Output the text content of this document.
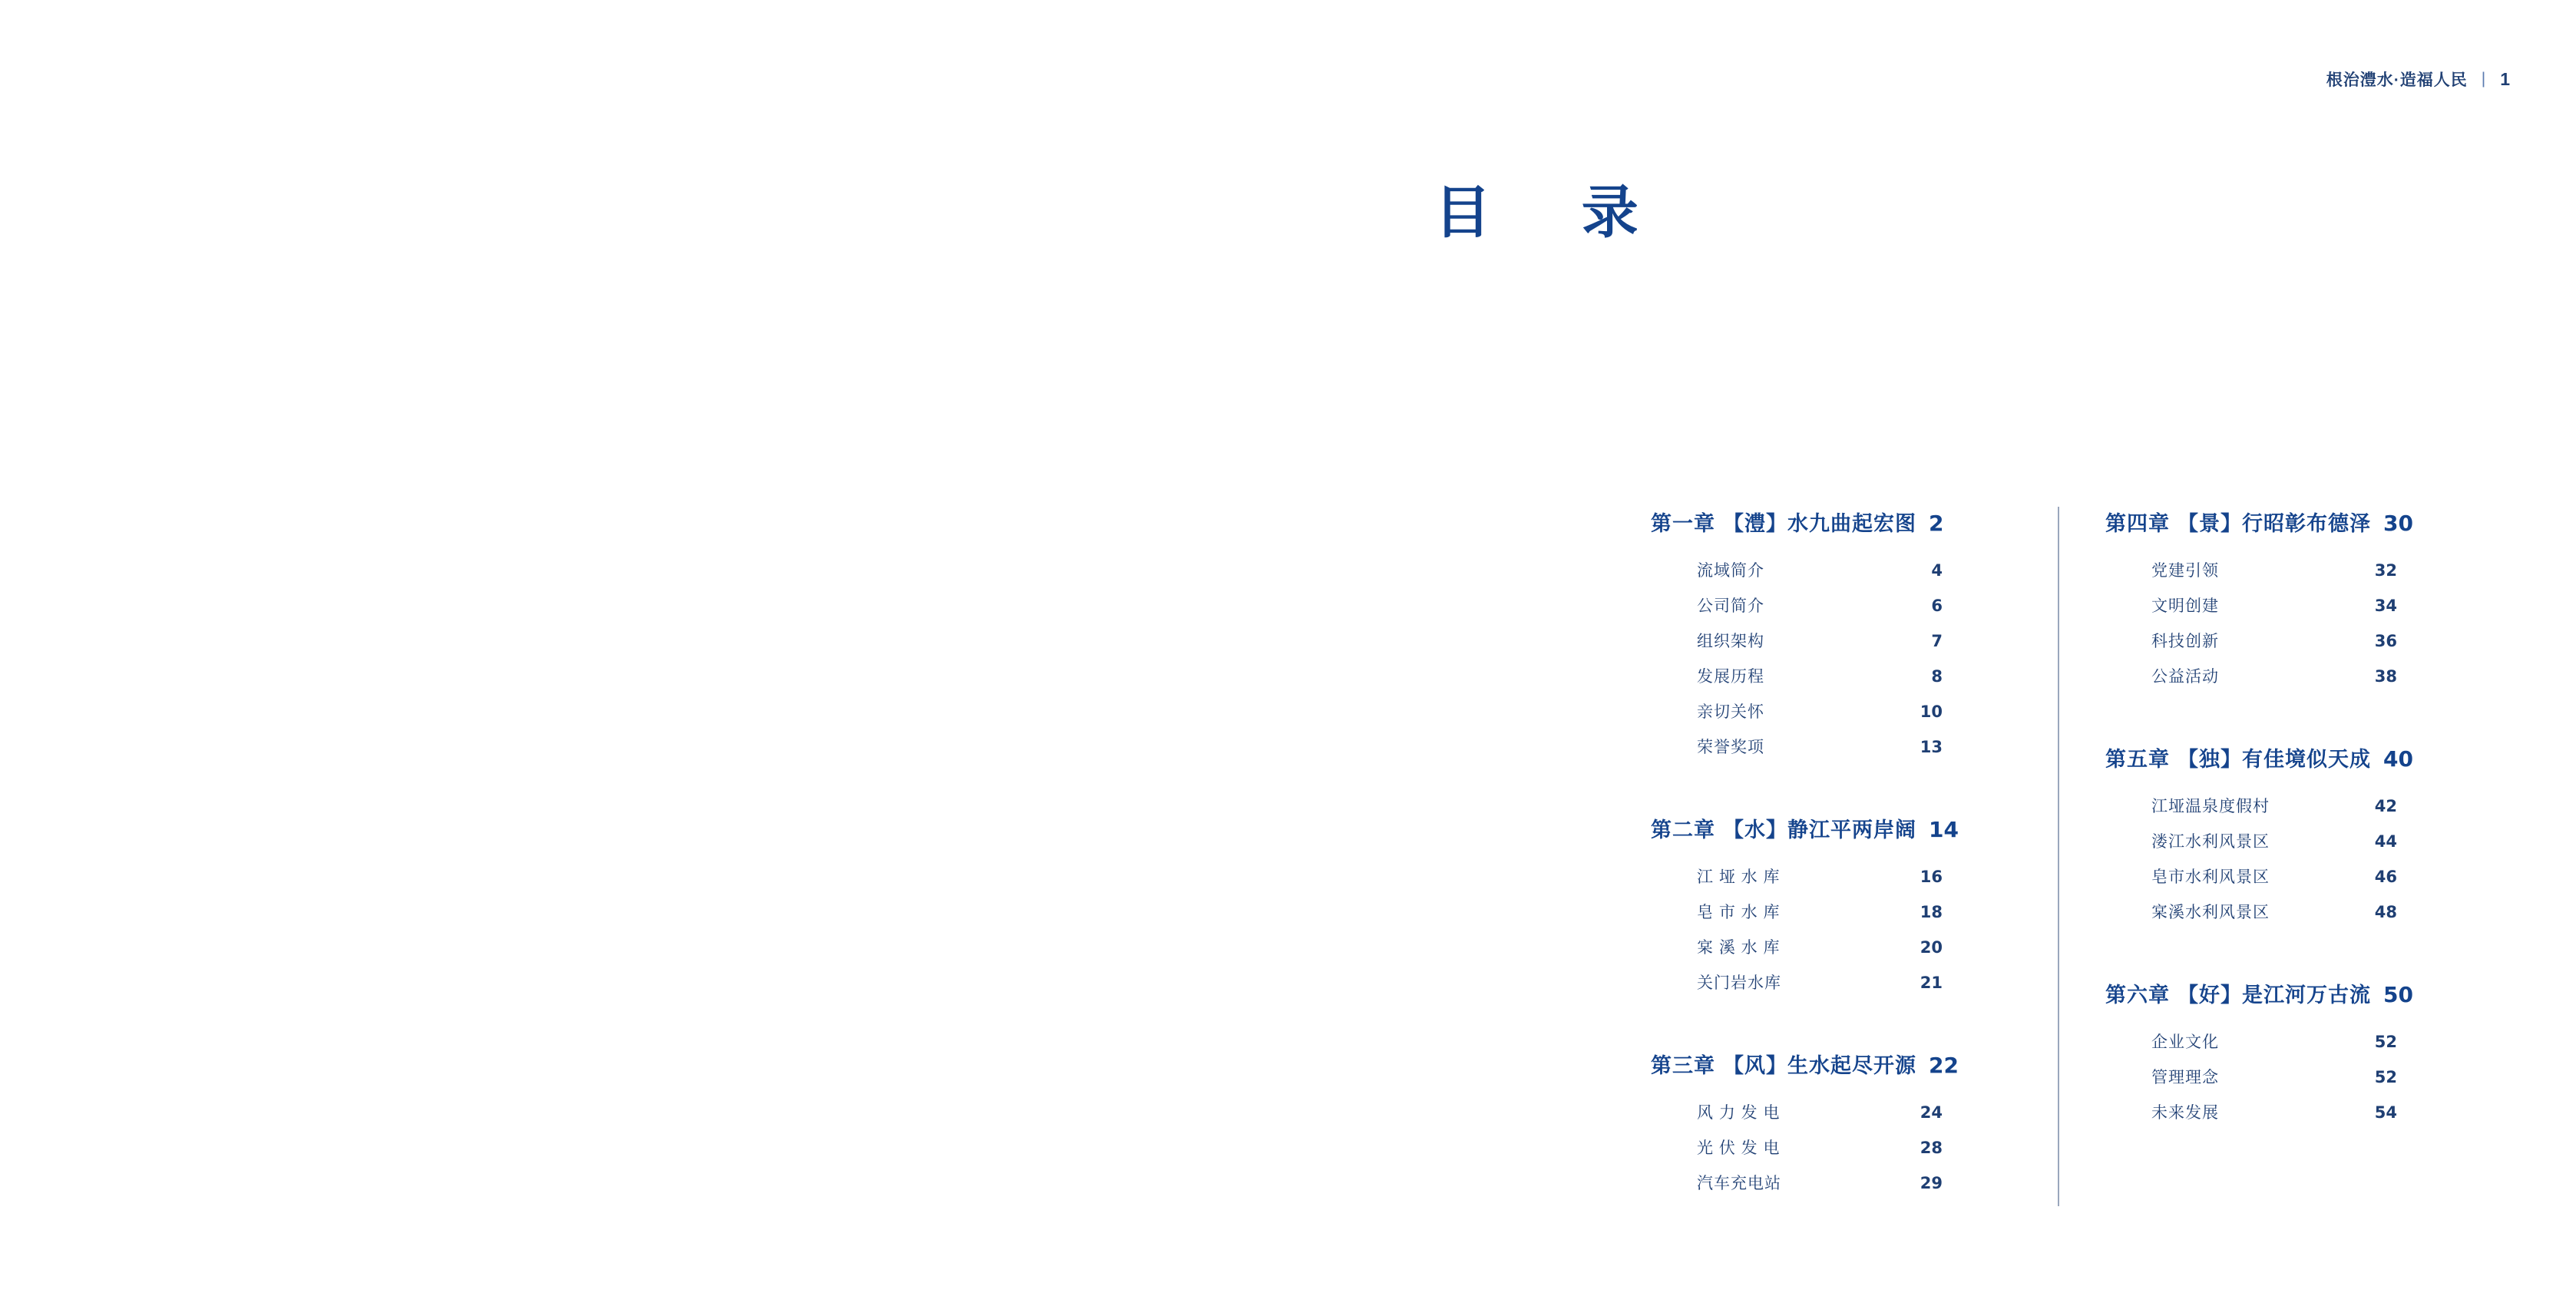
根治澧水·造福人民 | 1
目 录
第一章 【澧】水九曲起宏图 2
流域简介	4
公司简介	6
组织架构	7
发展历程	8
亲切关怀	10
荣誉奖项	13
第二章 【水】静江平两岸阔 14
江 垭 水 库	16
皂 市 水 库	18
宲 溪 水 库	20
关门岩水库	21
第三章 【风】生水起尽开源 22
风 力 发 电	24
光 伏 发 电	28
汽车充电站	29
第四章 【景】行昭彰布德泽 30
党建引领	32
文明创建	34
科技创新	36
公益活动	38
第五章 【独】有佳境似天成 40
江垭温泉度假村	42
溇江水利风景区	44
皂市水利风景区	46
宲溪水利风景区	48
第六章 【好】是江河万古流 50
企业文化	52
管理理念	52
未来发展	54
